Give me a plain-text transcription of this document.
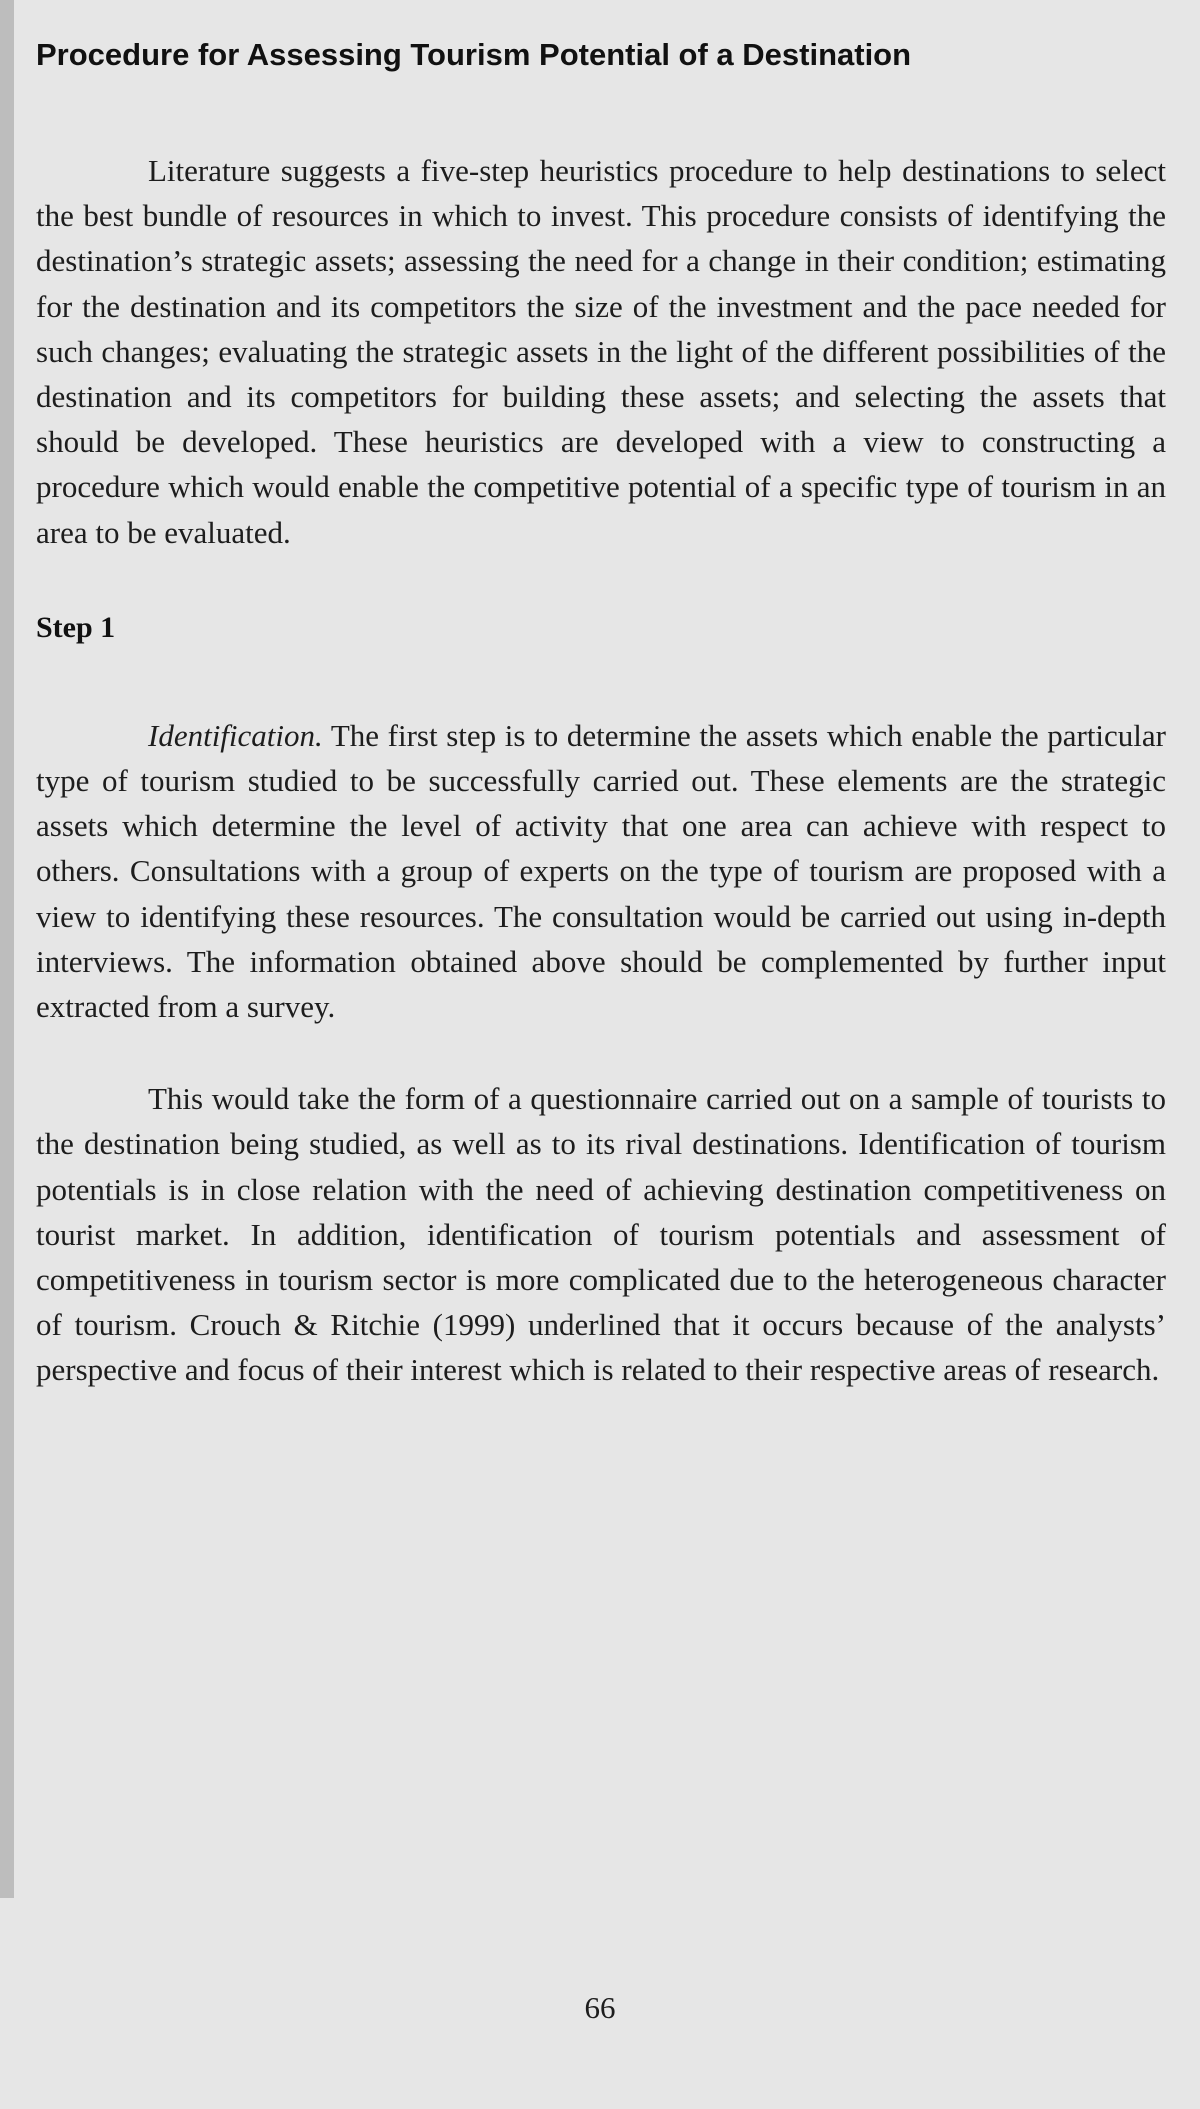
Procedure for Assessing Tourism Potential of a Destination

Literature suggests a five-step heuristics procedure to help destinations to select the best bundle of resources in which to invest. This procedure consists of identifying the destination’s strategic assets; assessing the need for a change in their condition; estimating for the destination and its competitors the size of the investment and the pace needed for such changes; evaluating the strategic assets in the light of the different possibilities of the destination and its competitors for building these assets; and selecting the assets that should be developed. These heuristics are developed with a view to constructing a procedure which would enable the competitive potential of a specific type of tourism in an area to be evaluated.

Step 1

Identification. The first step is to determine the assets which enable the particular type of tourism studied to be successfully carried out. These elements are the strategic assets which determine the level of activity that one area can achieve with respect to others. Consultations with a group of experts on the type of tourism are proposed with a view to identifying these resources. The consultation would be carried out using in-depth interviews. The information obtained above should be complemented by further input extracted from a survey.

This would take the form of a questionnaire carried out on a sample of tourists to the destination being studied, as well as to its rival destinations. Identification of tourism potentials is in close relation with the need of achieving destination competitiveness on tourist market. In addition, identification of tourism potentials and assessment of competitiveness in tourism sector is more complicated due to the heterogeneous character of tourism. Crouch & Ritchie (1999) underlined that it occurs because of the analysts’ perspective and focus of their interest which is related to their respective areas of research.

66
